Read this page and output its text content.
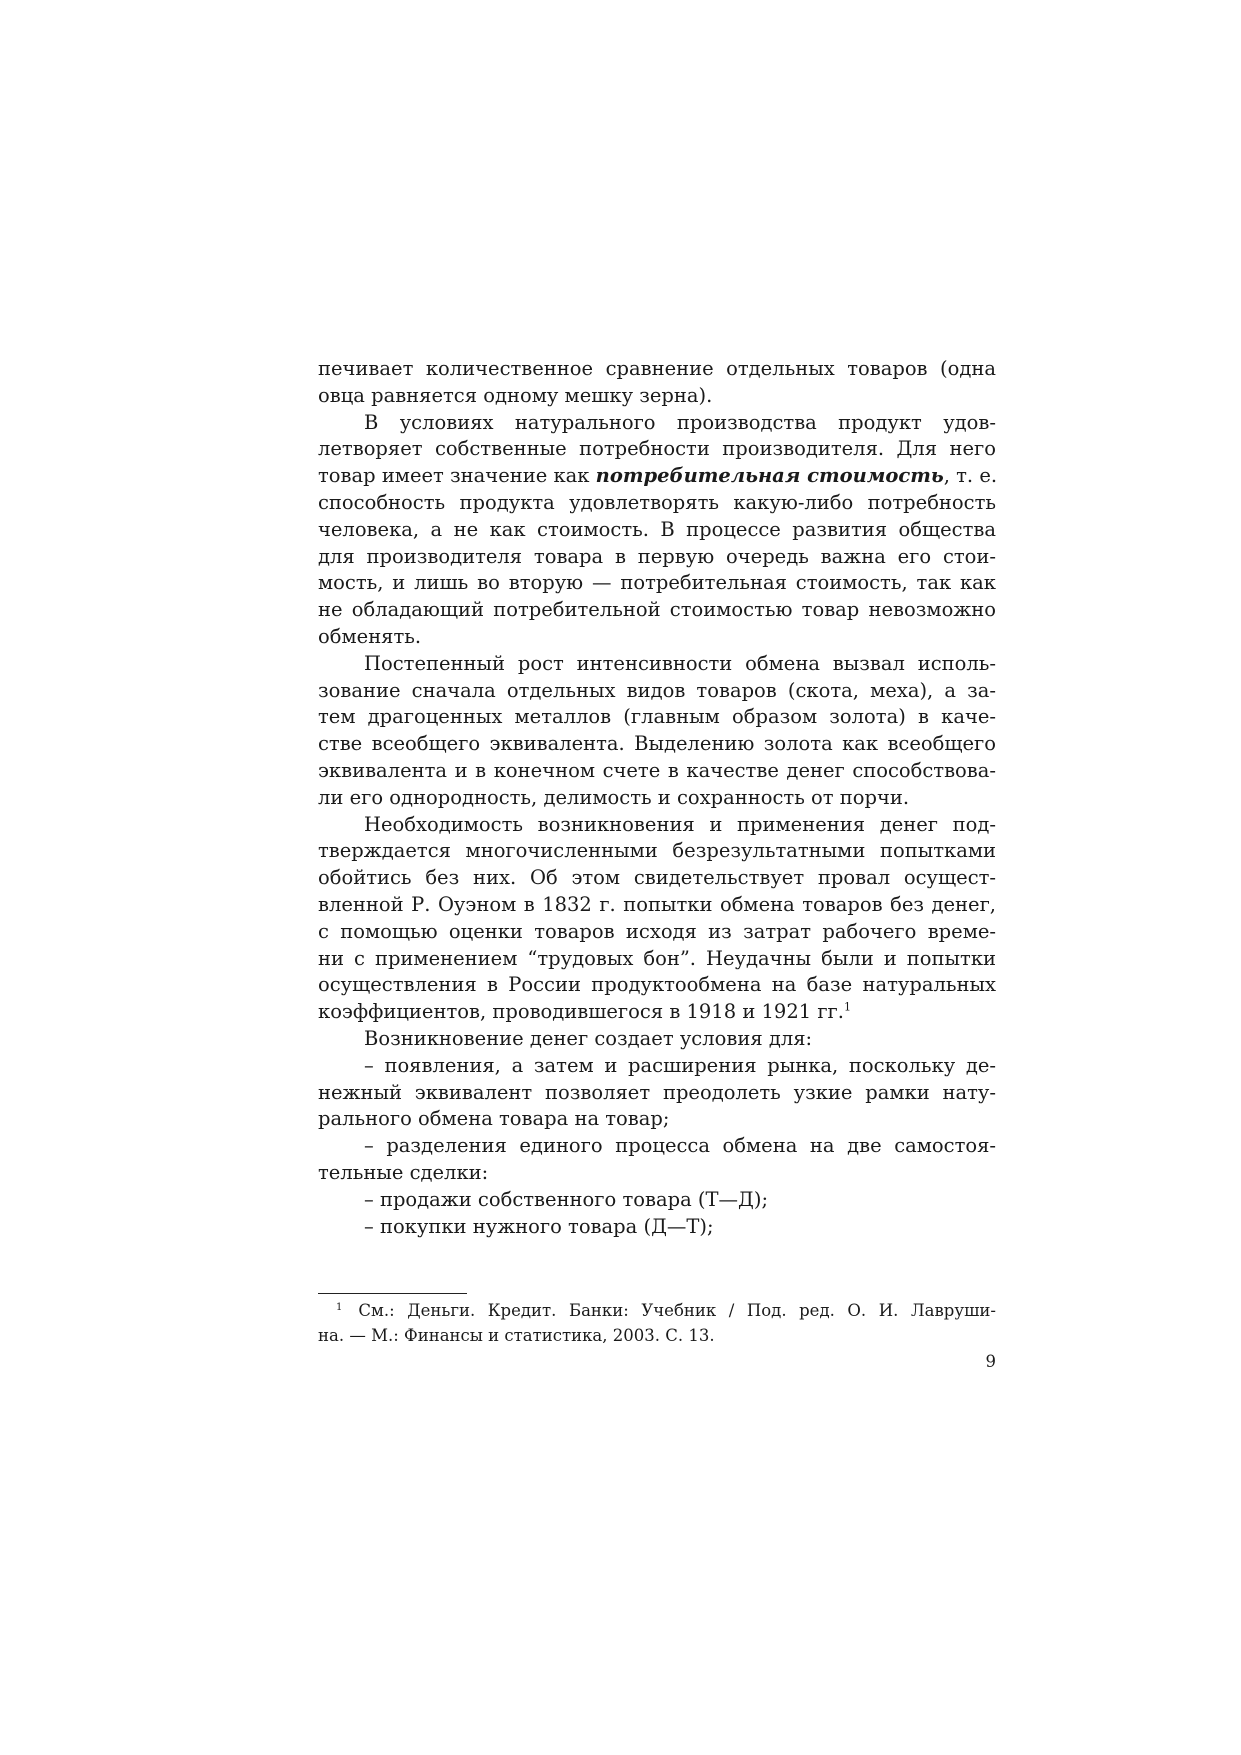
печивает количественное сравнение отдельных товаров (одна
овца равняется одному мешку зерна).
В условиях натурального производства продукт удов-
летворяет собственные потребности производителя. Для него
товар имеет значение как потребительная стоимость, т. е.
способность продукта удовлетворять какую-либо потребность
человека, а не как стоимость. В процессе развития общества
для производителя товара в первую очередь важна его стои-
мость, и лишь во вторую — потребительная стоимость, так как
не обладающий потребительной стоимостью товар невозможно
обменять.
Постепенный рост интенсивности обмена вызвал исполь-
зование сначала отдельных видов товаров (скота, меха), а за-
тем драгоценных металлов (главным образом золота) в каче-
стве всеобщего эквивалента. Выделению золота как всеобщего
эквивалента и в конечном счете в качестве денег способствова-
ли его однородность, делимость и сохранность от порчи.
Необходимость возникновения и применения денег под-
тверждается многочисленными безрезультатными попытками
обойтись без них. Об этом свидетельствует провал осущест-
вленной Р. Оуэном в 1832 г. попытки обмена товаров без денег,
с помощью оценки товаров исходя из затрат рабочего време-
ни с применением “трудовых бон”. Неудачны были и попытки
осуществления в России продуктообмена на базе натуральных
коэффициентов, проводившегося в 1918 и 1921 гг.$^1$
Возникновение денег создает условия для:
– появления, а затем и расширения рынка, поскольку де-
нежный эквивалент позволяет преодолеть узкие рамки нату-
рального обмена товара на товар;
– разделения единого процесса обмена на две самостоя-
тельные сделки:
– продажи собственного товара (Т—Д);
– покупки нужного товара (Д—Т);
$^1$ См.: Деньги. Кредит. Банки: Учебник / Под. ред. О. И. Лавруши-
на. — М.: Финансы и статистика, 2003. С. 13.
9
